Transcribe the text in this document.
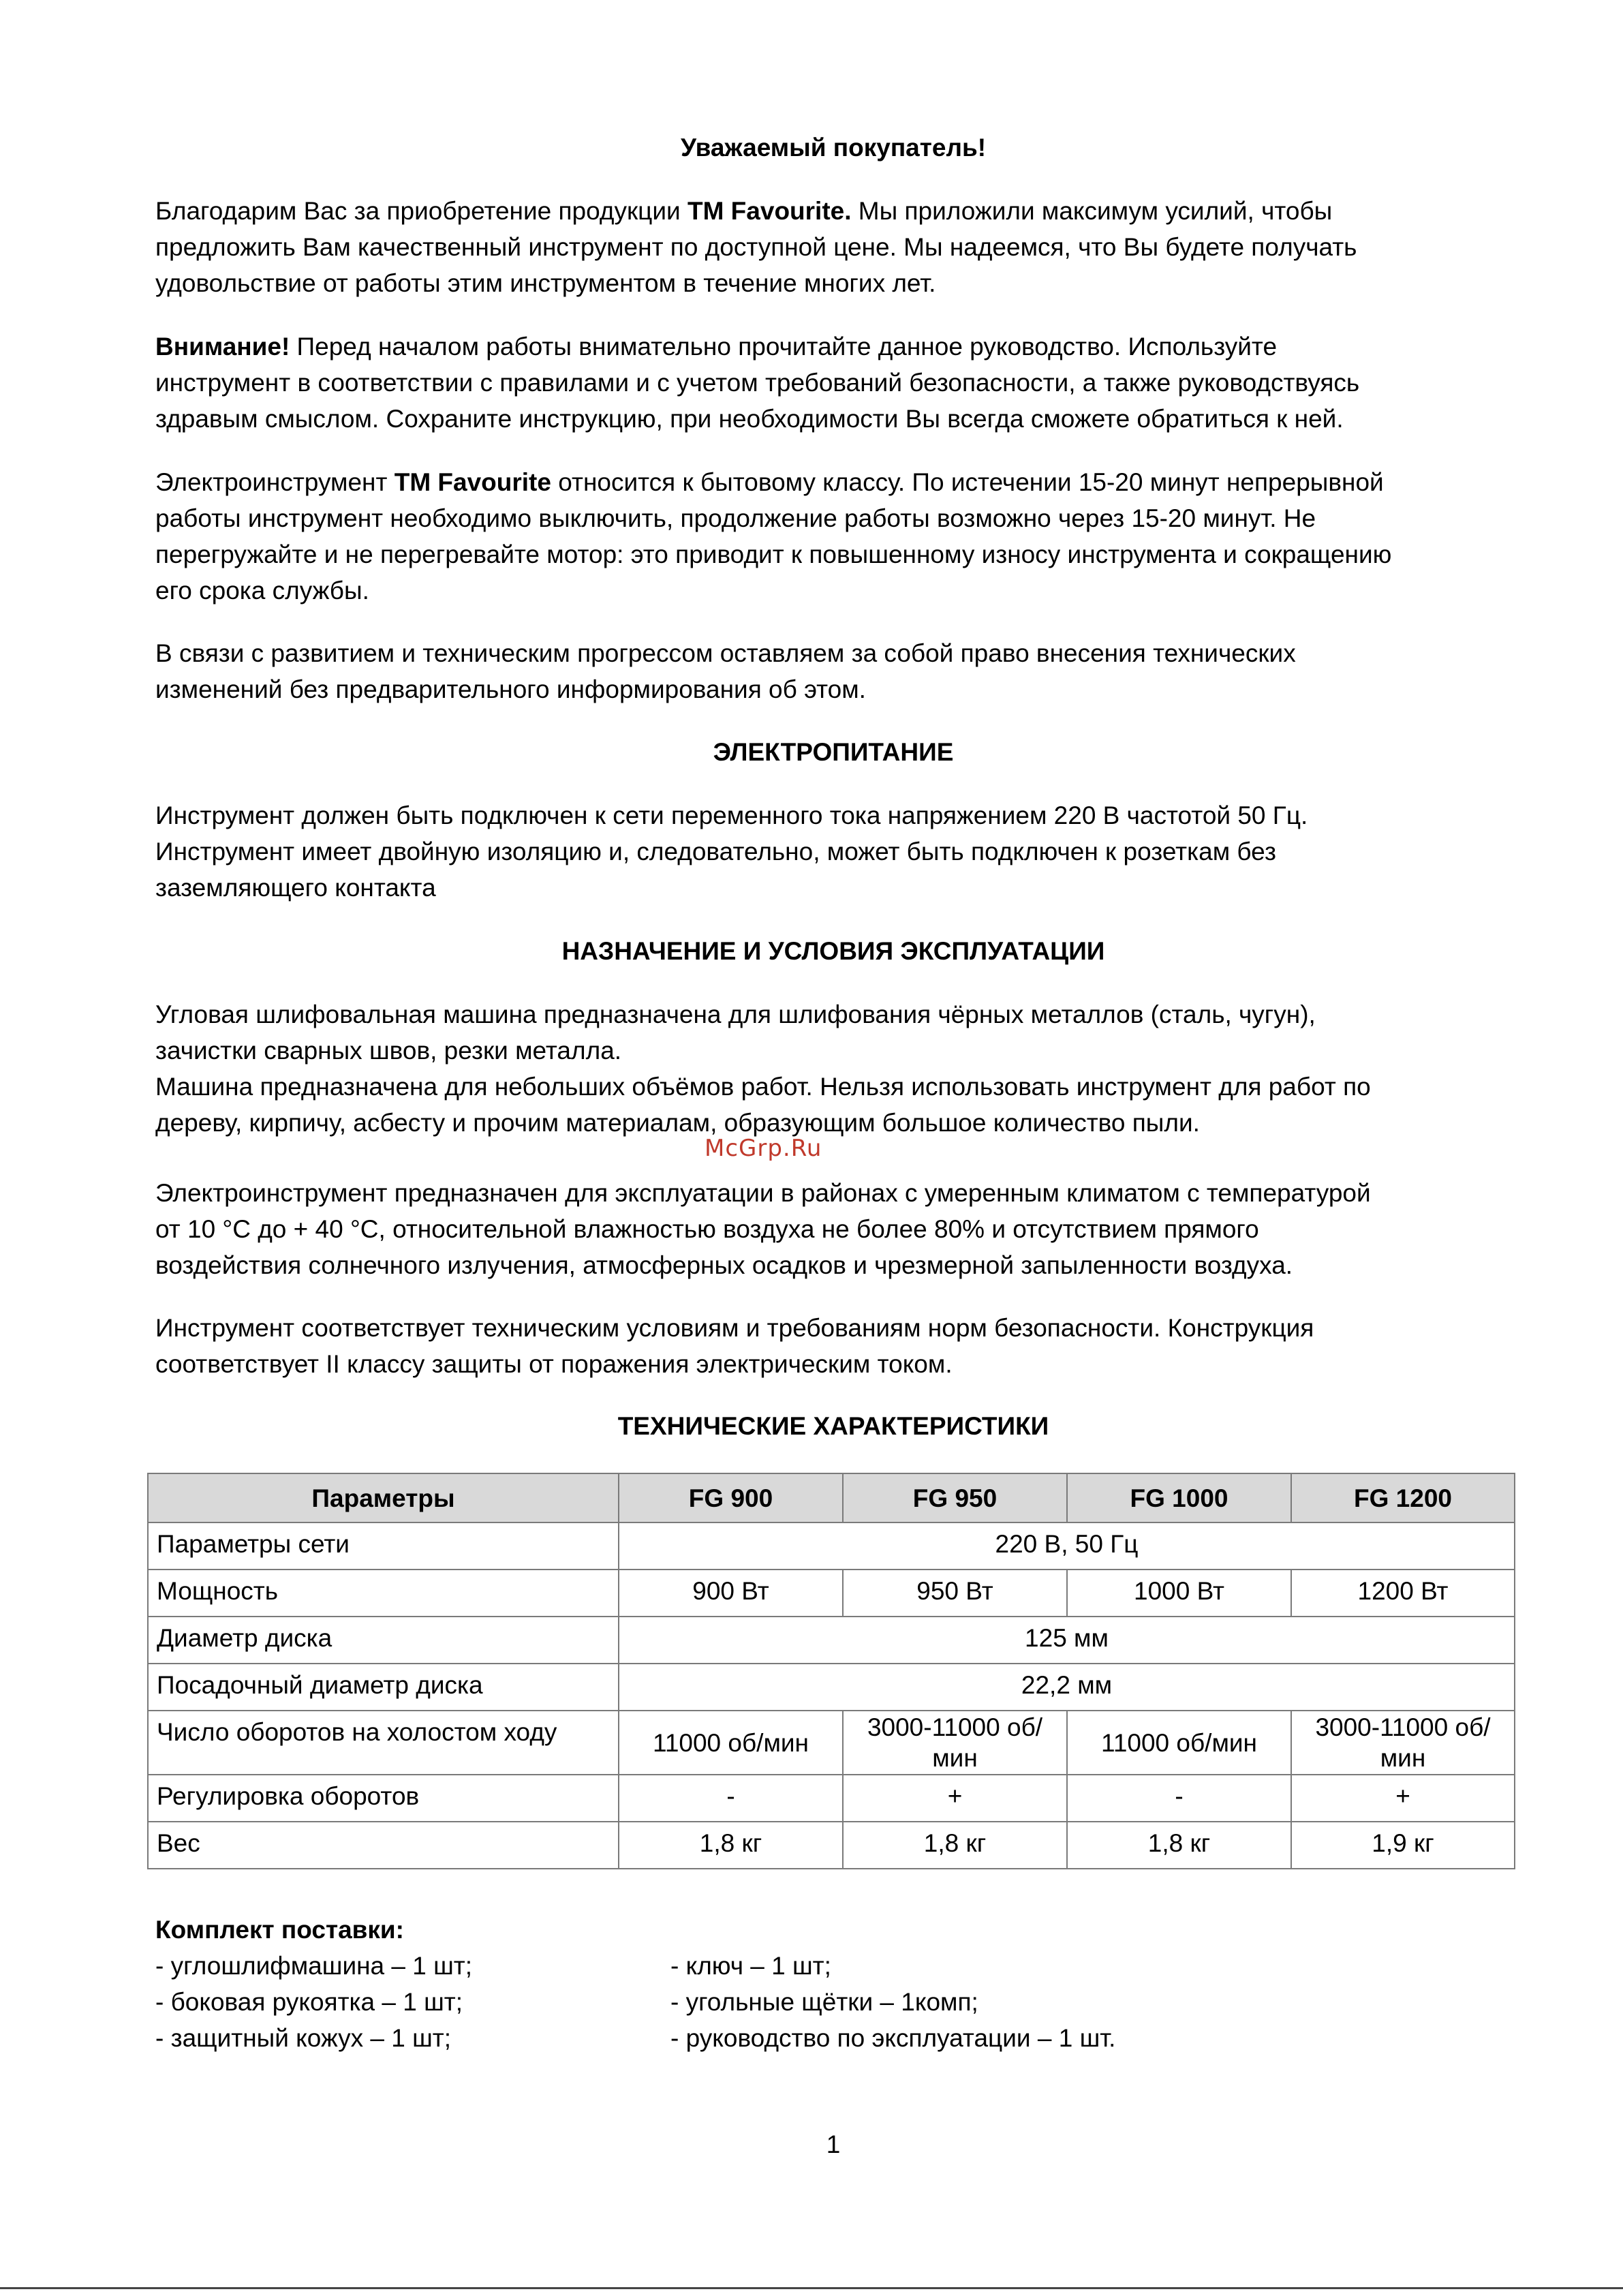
Уважаемый покупатель!

Благодарим Вас за приобретение продукции TM Favourite. Мы приложили максимум усилий, чтобы

предложить Вам качественный инструмент по доступной цене. Мы надеемся, что Вы будете получать

удовольствие от работы этим инструментом в течение многих лет.

Внимание! Перед началом работы внимательно прочитайте данное руководство. Используйте

инструмент в соответствии с правилами и с учетом требований безопасности, а также руководствуясь

здравым смыслом. Сохраните инструкцию, при необходимости Вы всегда сможете обратиться к ней.

Электроинструмент TM Favourite относится к бытовому классу. По истечении 15-20 минут непрерывной

работы инструмент необходимо выключить, продолжение работы возможно через 15-20 минут. Не

перегружайте и не перегревайте мотор: это приводит к повышенному износу инструмента и сокращению

его срока службы.

В связи с развитием и техническим прогрессом оставляем за собой право внесения технических

изменений без предварительного информирования об этом.

ЭЛЕКТРОПИТАНИЕ

Инструмент должен быть подключен к сети переменного тока напряжением 220 В частотой 50 Гц.

Инструмент имеет двойную изоляцию и, следовательно, может быть подключен к розеткам без

заземляющего контакта

НАЗНАЧЕНИЕ И УСЛОВИЯ ЭКСПЛУАТАЦИИ

Угловая шлифовальная машина предназначена для шлифования чёрных металлов (сталь, чугун),

зачистки сварных швов, резки металла.

Машина предназначена для небольших объёмов работ. Нельзя использовать инструмент для работ по

дереву, кирпичу, асбесту и прочим материалам, образующим большое количество пыли.

Электроинструмент предназначен для эксплуатации в районах с умеренным климатом с температурой

от 10 °С до + 40 °С, относительной влажностью воздуха не более 80% и отсутствием прямого

воздействия солнечного излучения, атмосферных осадков и чрезмерной запыленности воздуха.

Инструмент соответствует техническим условиям и требованиям норм безопасности. Конструкция

соответствует II классу защиты от поражения электрическим током.

ТЕХНИЧЕСКИЕ ХАРАКТЕРИСТИКИ
Комплект поставки:
- углошлифмашина – 1 шт;
- боковая рукоятка – 1 шт;
- защитный кожух – 1 шт;
- ключ – 1 шт;
- угольные щётки – 1комп;
- руководство по эксплуатации – 1 шт.
1
McGrp.Ru
Параметры	FG 900	FG 950	FG 1000	FG 1200
Параметры сети	220 В, 50 Гц			
Мощность	900 Вт	950 Вт	1000 Вт	1200 Вт
Диаметр диска	125 мм			
Посадочный диаметр диска	22,2 мм			
Число оборотов на холостом ходу	11000 об/мин	3000-11000 об/мин	11000 об/мин	3000-11000 об/мин
Регулировка оборотов	-	+	-	+
Вес	1,8 кг	1,8 кг	1,8 кг	1,9 кг
